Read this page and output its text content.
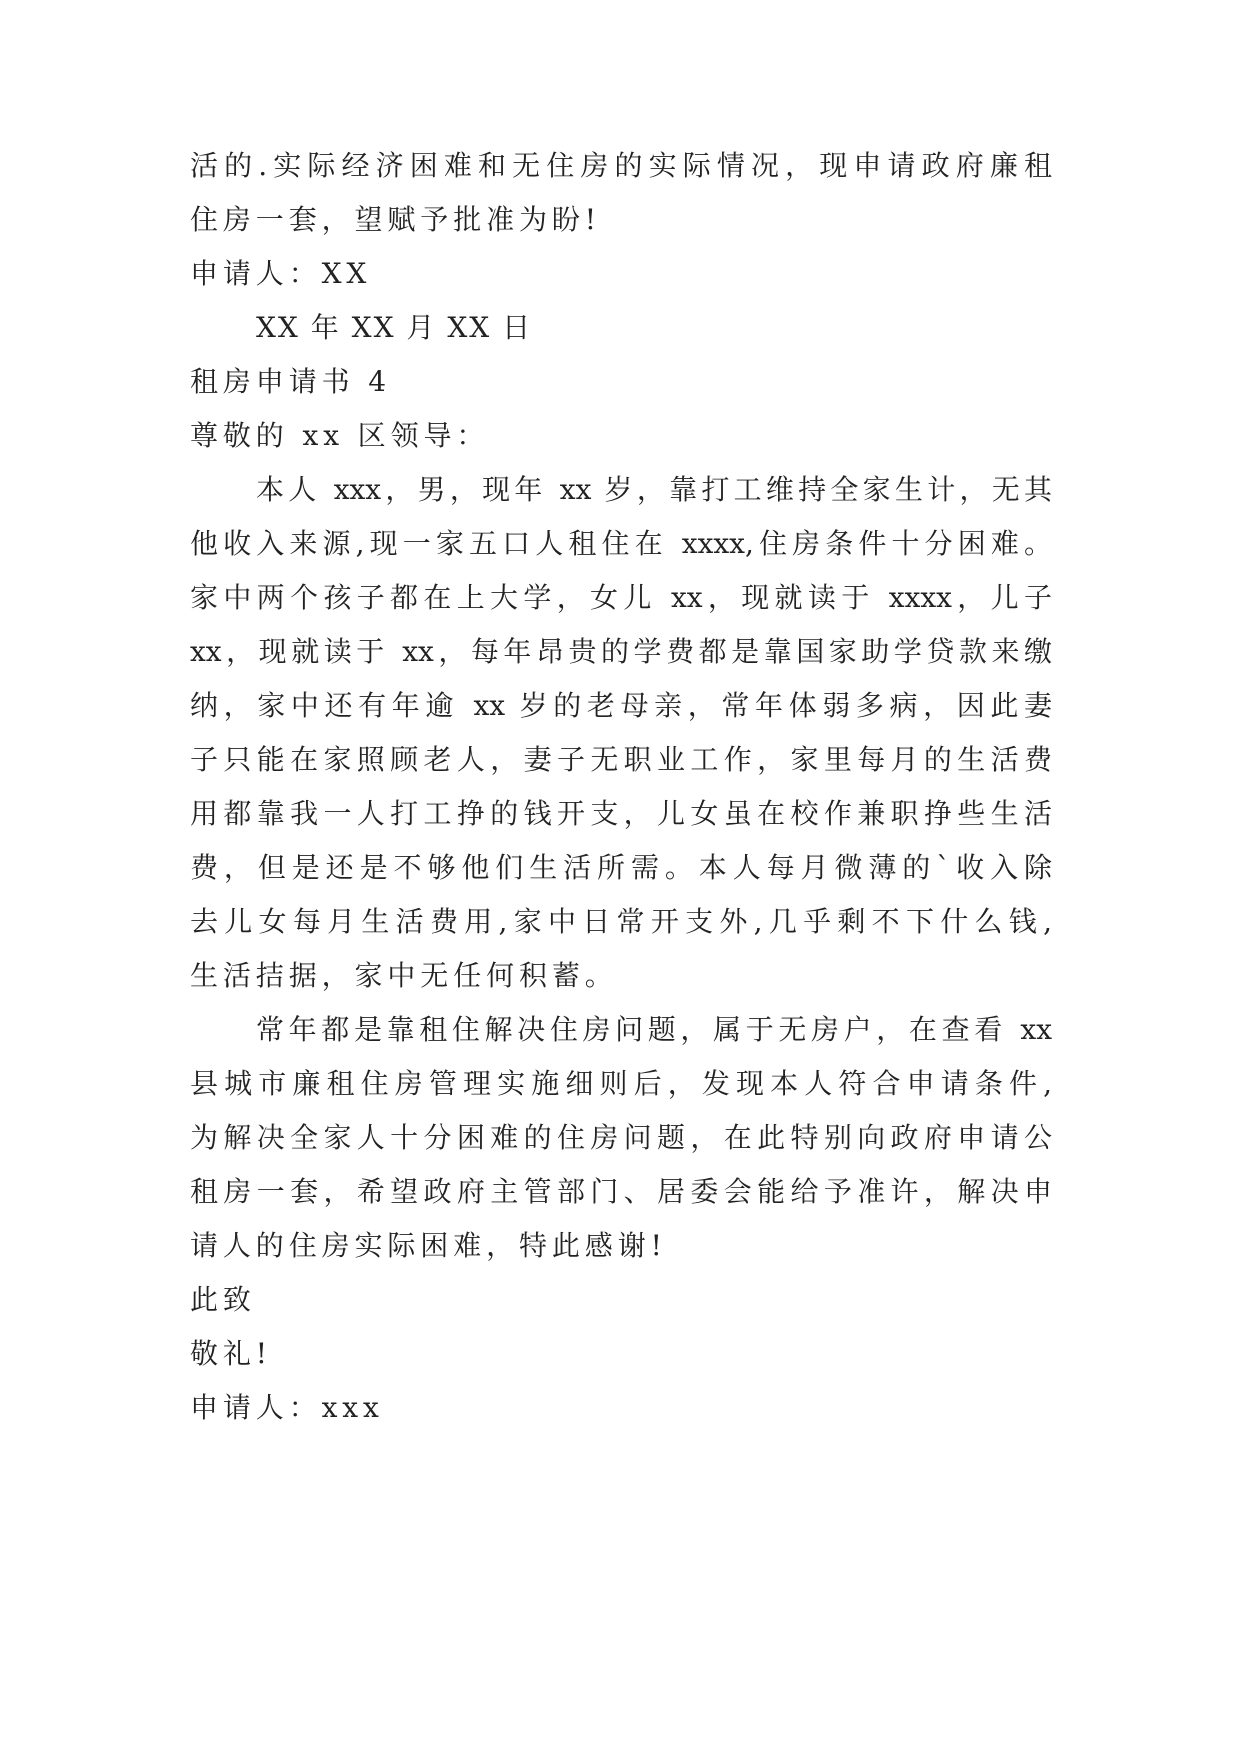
活的.实际经济困难和无住房的实际情况，现申请政府廉租
住房一套，望赋予批准为盼!
申请人：XX
XX 年 XX 月 XX 日
租房申请书 4
尊敬的 xx 区领导：
本人 xxx，男，现年 xx 岁，靠打工维持全家生计，无其
他收入来源,现一家五口人租住在 xxxx,住房条件十分困难。
家中两个孩子都在上大学，女儿 xx，现就读于 xxxx，儿子
xx，现就读于 xx，每年昂贵的学费都是靠国家助学贷款来缴
纳，家中还有年逾 xx 岁的老母亲，常年体弱多病，因此妻
子只能在家照顾老人，妻子无职业工作，家里每月的生活费
用都靠我一人打工挣的钱开支，儿女虽在校作兼职挣些生活
费，但是还是不够他们生活所需。本人每月微薄的`收入除
去儿女每月生活费用,家中日常开支外,几乎剩不下什么钱,
生活拮据，家中无任何积蓄。
常年都是靠租住解决住房问题，属于无房户，在查看 xx
县城市廉租住房管理实施细则后，发现本人符合申请条件,
为解决全家人十分困难的住房问题，在此特别向政府申请公
租房一套，希望政府主管部门、居委会能给予准许，解决申
请人的住房实际困难，特此感谢!
此致
敬礼!
申请人：xxx
